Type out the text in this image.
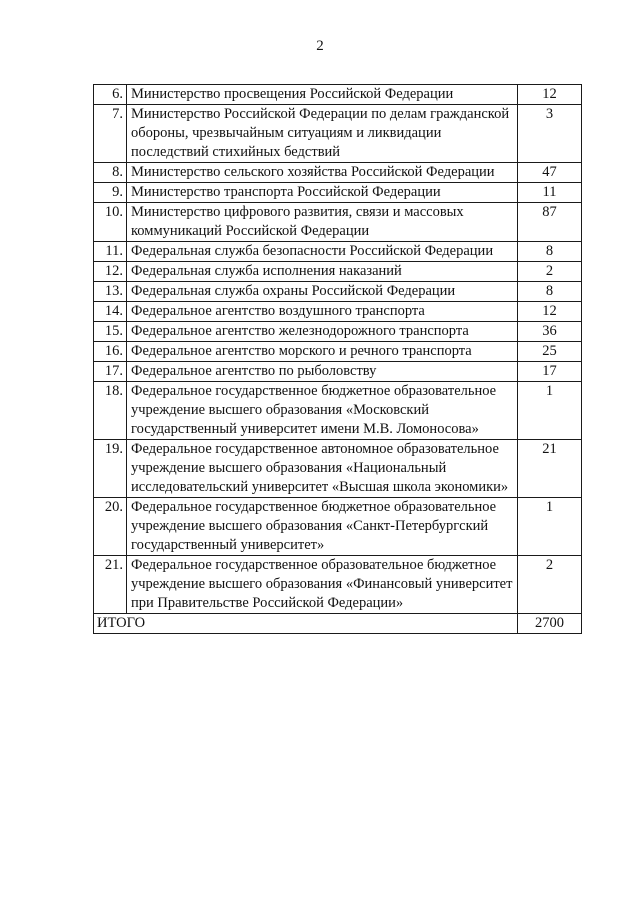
2
6.	Министерство просвещения Российской Федерации	12
7.	Министерство Российской Федерации по делам гражданской обороны, чрезвычайным ситуациям и ликвидации последствий стихийных бедствий	3
8.	Министерство сельского хозяйства Российской Федерации	47
9.	Министерство транспорта Российской Федерации	11
10.	Министерство цифрового развития, связи и массовых коммуникаций Российской Федерации	87
11.	Федеральная служба безопасности Российской Федерации	8
12.	Федеральная служба исполнения наказаний	2
13.	Федеральная служба охраны Российской Федерации	8
14.	Федеральное агентство воздушного транспорта	12
15.	Федеральное агентство железнодорожного транспорта	36
16.	Федеральное агентство морского и речного транспорта	25
17.	Федеральное агентство по рыболовству	17
18.	Федеральное государственное бюджетное образовательное учреждение высшего образования «Московский государственный университет имени М.В. Ломоносова»	1
19.	Федеральное государственное автономное образовательное учреждение высшего образования «Национальный исследовательский университет «Высшая школа экономики»	21
20.	Федеральное государственное бюджетное образовательное учреждение высшего образования «Санкт-Петербургский государственный университет»	1
21.	Федеральное государственное образовательное бюджетное учреждение высшего образования «Финансовый университет при Правительстве Российской Федерации»	2
ИТОГО		2700
